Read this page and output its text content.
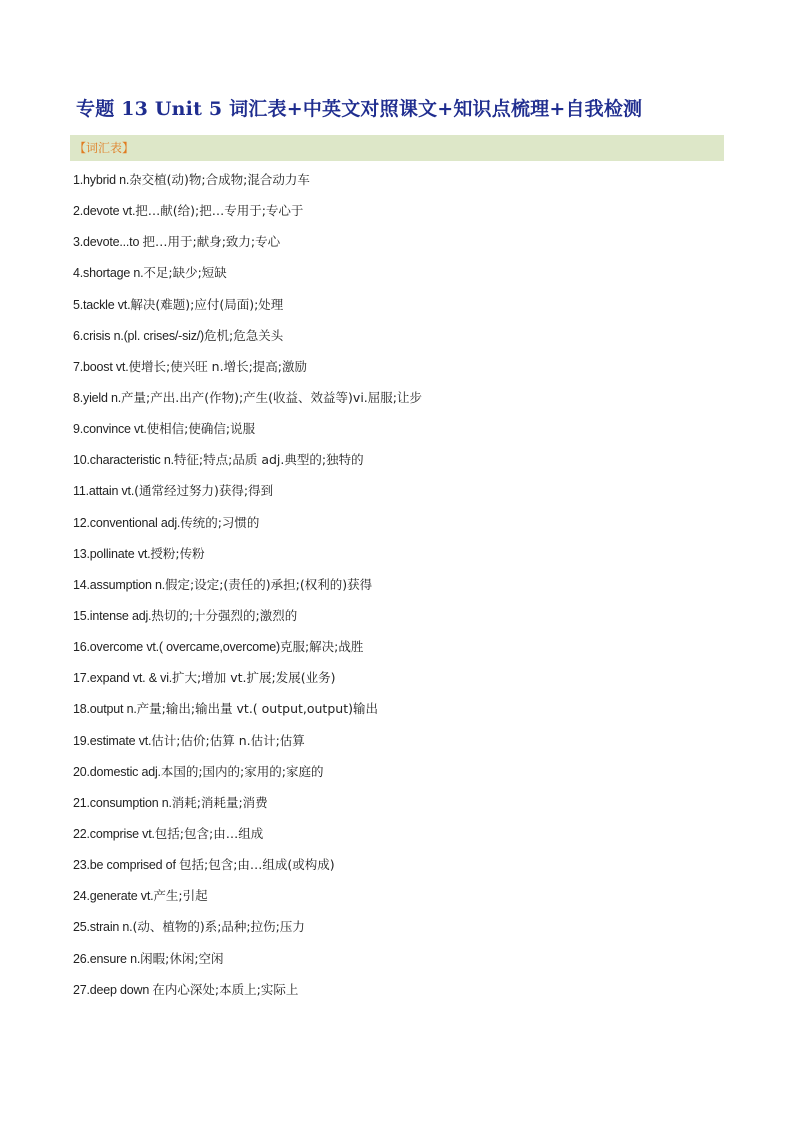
专题 13 Unit 5 词汇表+中英文对照课文+知识点梳理+自我检测
【词汇表】
1.hybrid n.杂交植(动)物;合成物;混合动力车
2.devote vt.把…献(给);把…专用于;专心于
3.devote...to 把…用于;献身;致力;专心
4.shortage n.不足;缺少;短缺
5.tackle vt.解决(难题);应付(局面);处理
6.crisis n.(pl. crises/-siz/)危机;危急关头
7.boost vt.使增长;使兴旺 n.增长;提高;激励
8.yield n.产量;产出.出产(作物);产生(收益、效益等)vi.屈服;让步
9.convince vt.使相信;使确信;说服
10.characteristic n.特征;特点;品质 adj.典型的;独特的
11.attain vt.(通常经过努力)获得;得到
12.conventional adj.传统的;习惯的
13.pollinate vt.授粉;传粉
14.assumption n.假定;设定;(责任的)承担;(权利的)获得
15.intense adj.热切的;十分强烈的;激烈的
16.overcome vt.( overcame,overcome)克服;解决;战胜
17.expand vt. & vi.扩大;增加 vt.扩展;发展(业务)
18.output n.产量;输出;输出量 vt.( output,output)输出
19.estimate vt.估计;估价;估算 n.估计;估算
20.domestic adj.本国的;国内的;家用的;家庭的
21.consumption n.消耗;消耗量;消费
22.comprise vt.包括;包含;由…组成
23.be comprised of 包括;包含;由…组成(或构成)
24.generate vt.产生;引起
25.strain n.(动、植物的)系;品种;拉伤;压力
26.ensure n.闲暇;休闲;空闲
27.deep down 在内心深处;本质上;实际上
